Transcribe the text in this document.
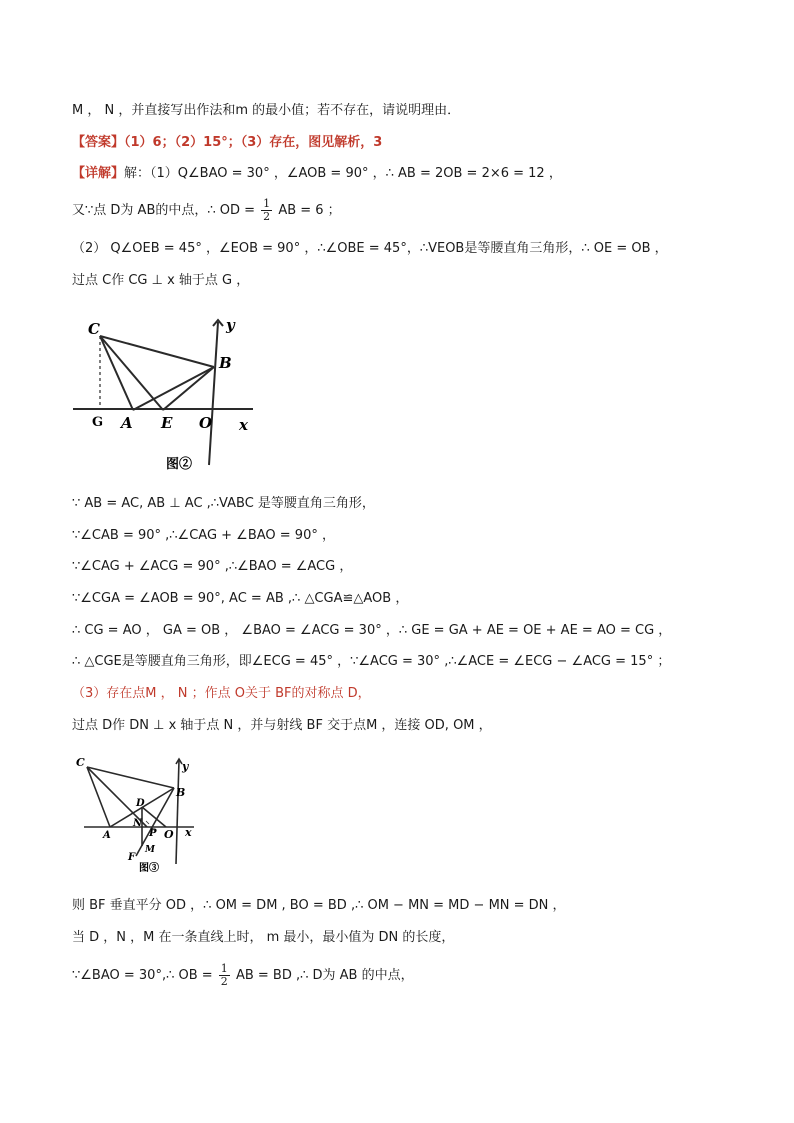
M ， N ，并直接写出作法和m 的最小值；若不存在，请说明理由．
【答案】（1）6；（2）15°；（3）存在，图见解析，3
【详解】解：（1）Q∠BAO = 30° ，∠AOB = 90° ，∴ AB = 2OB = 2×6 = 12 ，
又∵点 D为 AB的中点，∴ OD = $\frac{1}{2}$ AB = 6 ；
（2） Q∠OEB = 45° ，∠EOB = 90° ，∴∠OBE = 45°，∴VEOB是等腰直角三角形，∴ OE = OB ，
过点 C作 CG ⊥ x 轴于点 G ，
C	y
B
G A E O x
图②
∵ AB = AC, AB ⊥ AC ,∴VABC 是等腰直角三角形，
∵∠CAB = 90° ,∴∠CAG + ∠BAO = 90° ，
∵∠CAG + ∠ACG = 90° ,∴∠BAO = ∠ACG ，
∵∠CGA = ∠AOB = 90°, AC = AB ,∴ △CGA≌△AOB ，
∴ CG = AO ， GA = OB ， ∠BAO = ∠ACG = 30° ，∴ GE = GA + AE = OE + AE = AO = CG ，
∴ △CGE是等腰直角三角形，即∠ECG = 45° ，∵∠ACG = 30° ,∴∠ACE = ∠ECG − ∠ACG = 15° ；
（3）存在点M ， N ；作点 O关于 BF的对称点 D，
过点 D作 DN ⊥ x 轴于点 N ，并与射线 BF 交于点M ，连接 OD, OM ，
C	y
B
D
N
A	P O x
F
M
图③
则 BF 垂直平分 OD ，∴ OM = DM , BO = BD ,∴ OM − MN = MD − MN = DN ，
当 D ，N ，M 在一条直线上时， m 最小，最小值为 DN 的长度，
∵∠BAO = 30°,∴ OB = $\frac{1}{2}$ AB = BD ,∴ D为 AB 的中点，
